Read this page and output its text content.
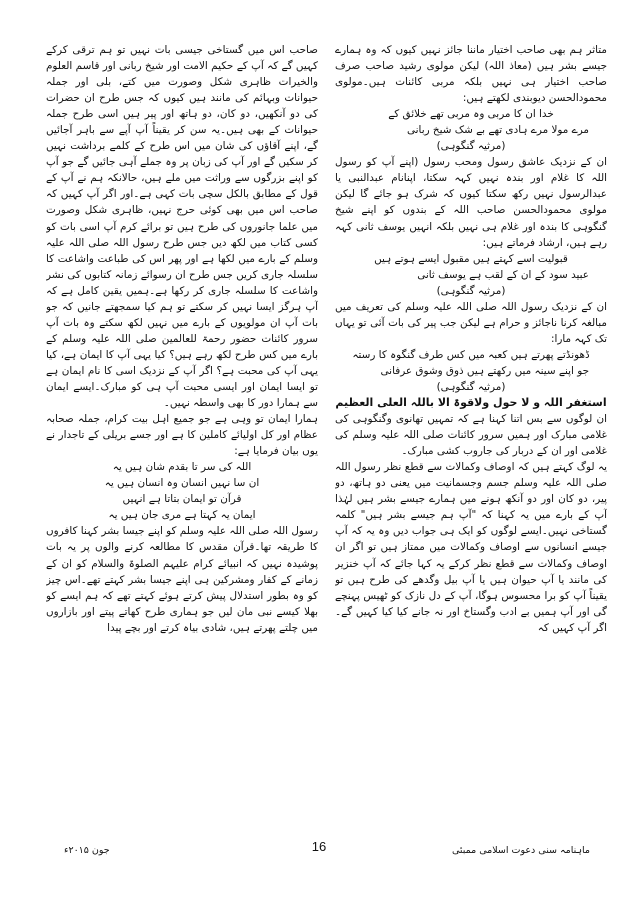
متاثر ہم بھی صاحب اختیار ماننا جائز نہیں کیوں کہ وہ ہمارے جیسے بشر ہیں (معاذ اللہ) لیکن مولوی رشید صاحب صرف صاحب اختیار ہی نہیں بلکہ مربی کائنات ہیں۔مولوی محمودالحسن دیوبندی لکھتے ہیں:

خدا ان کا مربی وہ مربی تھے خلائق کے

مرے مولا مرے ہادی تھے بے شک شیخ ربانی

(مرثیہ گنگوہی)

ان کے نزدیک عاشق رسول ومحب رسول (اپنے آپ کو رسول اللہ کا غلام اور بندہ نہیں کہہ سکتا، اپنانام عبدالنبی یا عبدالرسول نہیں رکھ سکتا کیوں کہ شرک ہو جائے گا لیکن مولوی محمودالحسن صاحب اللہ کے بندوں کو اپنے شیخ گنگوہی کا بندہ اور غلام ہی نہیں بلکہ انہیں یوسف ثانی کہہ رہے ہیں، ارشاد فرماتے ہیں:

قبولیت اسے کہتے ہیں مقبول ایسے ہوتے ہیں

عبید سود کے ان کے لقب ہے یوسف ثانی

(مرثیہ گنگوہی)

ان کے نزدیک رسول اللہ صلی اللہ علیہ وسلم کی تعریف میں مبالغہ کرنا ناجائز و حرام ہے لیکن جب پیر کی بات آئی تو یہاں تک کہہ مارا:

ڈھونڈتے پھرتے ہیں کعبہ میں کس طرف گنگوہ کا رستہ

جو اپنے سینہ میں رکھتے ہیں ذوق وشوق عرفانی

(مرثیہ گنگوہی)

استغفر اللہ و لا حول ولاقوۃ الا باللہ العلی العظیم

ان لوگوں سے بس اتنا کہنا ہے کہ تمہیں تھانوی وگنگوہی کی غلامی مبارک اور ہمیں سرور کائنات صلی اللہ علیہ وسلم کی غلامی اور ان کے دربار کی جاروب کشی مبارک۔

یہ لوگ کہتے ہیں کہ اوصاف وکمالات سے قطع نظر رسول اللہ صلی اللہ علیہ وسلم جسم وجسمانیت میں یعنی دو ہاتھ، دو پیر، دو کان اور دو آنکھ ہونے میں ہمارے جیسے بشر ہیں لہٰذا آپ کے بارے میں یہ کہنا کہ "آپ ہم جیسے بشر ہیں" کلمہ گستاخی نہیں۔ایسے لوگوں کو ایک ہی جواب دیں وہ یہ کہ آپ جیسے انسانوں سے اوصاف وکمالات میں ممتاز ہیں تو اگر ان اوصاف وکمالات سے قطع نظر کرکے یہ کہا جائے کہ آپ خنزیر کی مانند یا آپ حیوان ہیں یا آپ بیل وگدھے کی طرح ہیں تو یقیناً آپ کو برا محسوس ہوگا، آپ کے دل نازک کو ٹھیس پہنچے گی اور آپ ہمیں بے ادب وگستاخ اور نہ جانے کیا کیا کہیں گے۔اگر آپ کہیں کہ

صاحب اس میں گستاخی جیسی بات نہیں تو ہم ترقی کرکے کہیں گے کہ آپ کے حکیم الامت اور شیخ ربانی اور قاسم العلوم والخیرات ظاہری شکل وصورت میں کتے، بلی اور جملہ حیوانات وبہائم کی مانند ہیں کیوں کہ جس طرح ان حضرات کی دو آنکھیں، دو کان، دو ہاتھ اور پیر ہیں اسی طرح جملہ حیوانات کے بھی ہیں۔یہ سن کر یقیناً آپ آپے سے باہر آجائیں گے، اپنے آقاؤں کی شان میں اس طرح کے کلمے برداشت نہیں کر سکیں گے اور آپ کی زبان پر وہ جملے آہی جائیں گے جو آپ کو اپنے بزرگوں سے وراثت میں ملے ہیں، حالانکہ ہم نے آپ کے قول کے مطابق بالکل سچی بات کہی ہے۔اور اگر آپ کہیں کہ صاحب اس میں بھی کوئی حرج نہیں، ظاہری شکل وصورت میں علما جانوروں کی طرح ہیں تو برائے کرم آپ اسی بات کو کسی کتاب میں لکھ دیں جس طرح رسول اللہ صلی اللہ علیہ وسلم کے بارے میں لکھا ہے اور پھر اس کی طباعت واشاعت کا سلسلہ جاری کریں جس طرح ان رسوائے زمانہ کتابوں کی نشر واشاعت کا سلسلہ جاری کر رکھا ہے۔ہمیں یقین کامل ہے کہ آپ ہرگز ایسا نہیں کر سکتے تو ہم کیا سمجھتے جانیں کہ جو بات آپ ان مولویوں کے بارے میں نہیں لکھ سکتے وہ بات آپ سرور کائنات حضور رحمۃ للعالمین صلی اللہ علیہ وسلم کے بارے میں کس طرح لکھ رہے ہیں؟ کیا یہی آپ کا ایمان ہے، کیا یہی آپ کی محبت ہے؟ اگر آپ کے نزدیک اسی کا نام ایمان ہے تو ایسا ایمان اور ایسی محبت آپ ہی کو مبارک۔ایسے ایمان سے ہمارا دور کا بھی واسطہ نہیں۔

ہمارا ایمان تو وہی ہے جو جمیع اہل بیت کرام، جملہ صحابہ عظام اور کل اولیائے کاملین کا ہے اور جسے بریلی کے تاجدار نے یوں بیان فرمایا ہے:

اللہ کی سر تا بقدم شان ہیں یہ

ان سا نہیں انسان وہ انسان ہیں یہ

قرآن تو ایمان بتاتا ہے انہیں

ایمان یہ کہتا ہے مری جان ہیں یہ

رسول اللہ صلی اللہ علیہ وسلم کو اپنے جیسا بشر کہنا کافروں کا طریقہ تھا۔قرآن مقدس کا مطالعہ کرنے والوں پر یہ بات پوشیدہ نہیں کہ انبیائے کرام علیہم الصلوۃ والسلام کو ان کے زمانے کے کفار ومشرکین ہی اپنے جیسا بشر کہتے تھے۔اس چیز کو وہ بطور استدلال پیش کرتے ہوئے کہتے تھے کہ ہم ایسے کو بھلا کیسے نبی مان لیں جو ہماری طرح کھاتے پیتے اور بازاروں میں چلتے پھرتے ہیں، شادی بیاہ کرتے اور بچے پیدا

16	ماہنامہ سنی دعوت اسلامی ممبئی
جون ۲۰۱۵ء
